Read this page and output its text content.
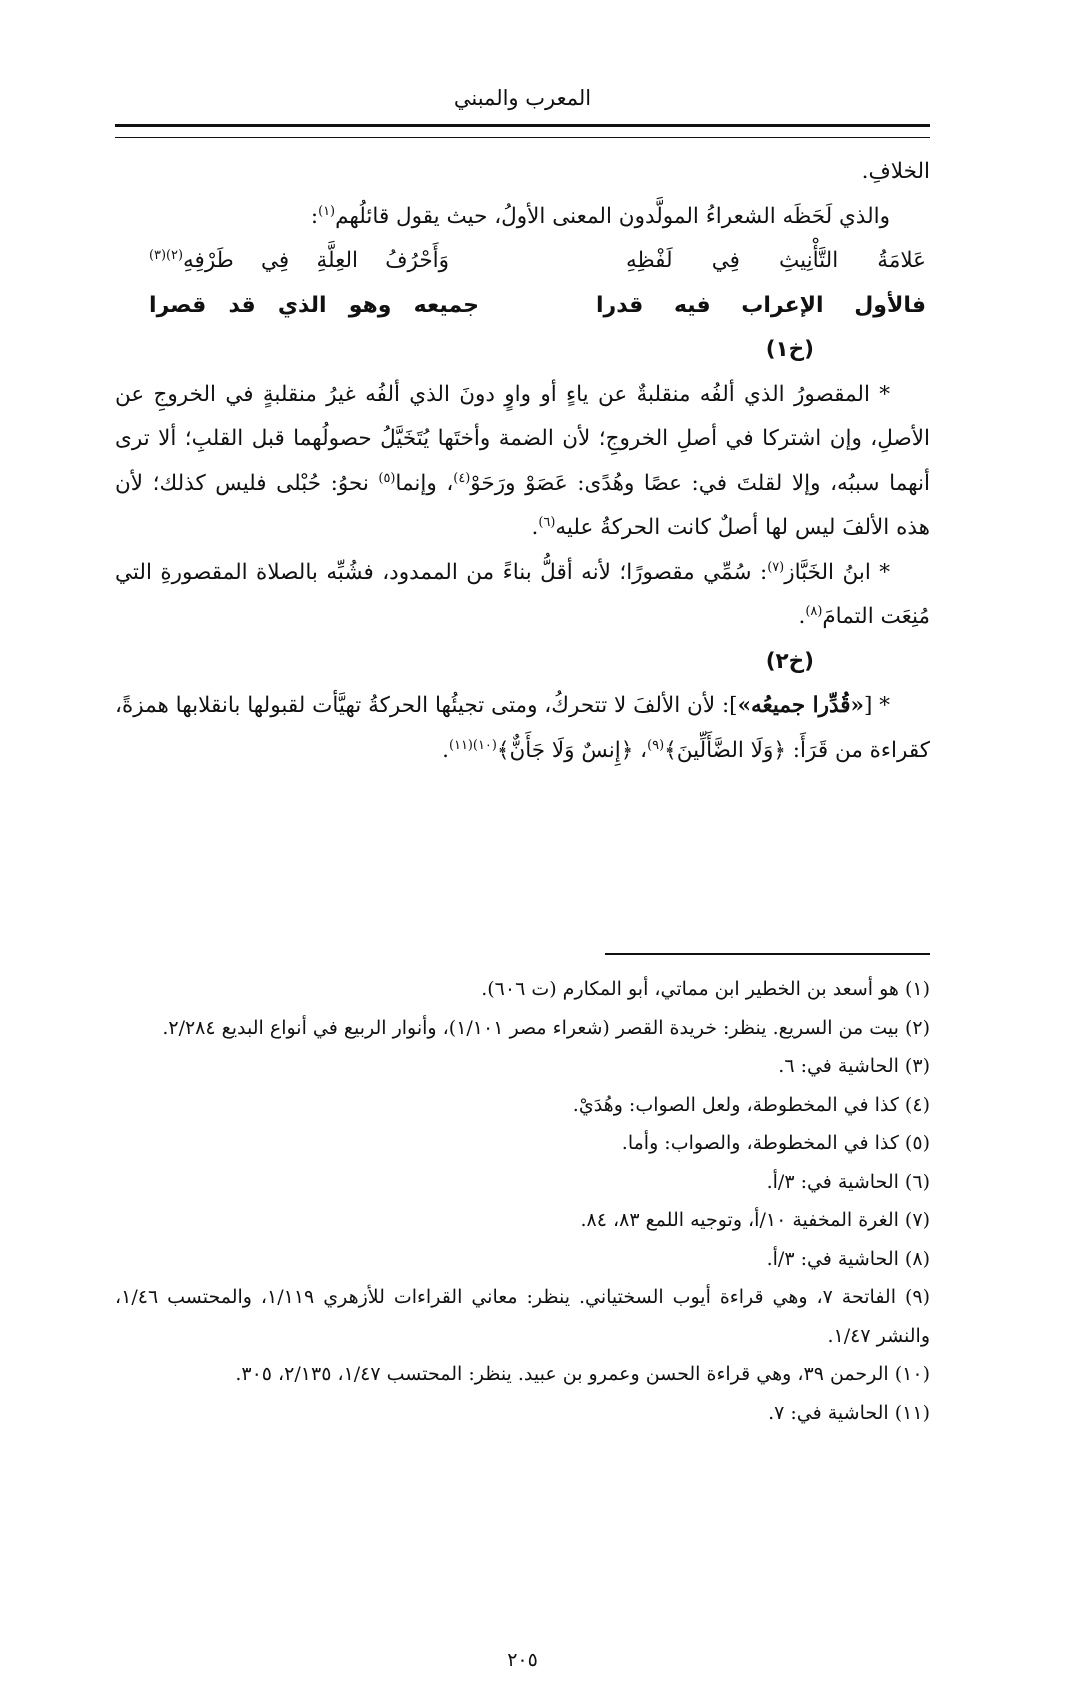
المعرب والمبني

الخلافِ.

والذي لَحَظَه الشعراءُ المولَّدون المعنى الأولُ، حيث يقول قائلُهم$^{(١)}$:

عَلامَةُ
التَّأْنِيثِ
فِي
لَفْظِهِ
وَأَحْرُفُ
العِلَّةِ
فِي
طَرْفِهِ$^{(٢)(٣)}$
فالأول
الإعراب
فيه
قدرا
جميعه
وهو
الذي
قد
قصرا

(خ١)

* المقصورُ الذي ألفُه منقلبةٌ عن ياءٍ أو واوٍ دونَ الذي ألفُه غيرُ منقلبةٍ في الخروجِ عن الأصلِ، وإن اشتركا في أصلِ الخروجِ؛ لأن الضمة وأختَها يُتَخَيَّلُ حصولُهما قبل القلبِ؛ ألا ترى أنهما سببُه، وإلا لقلتَ في: عصًا وهُدًى: عَصَوْ ورَحَوْ$^{(٤)}$، وإنما$^{(٥)}$ نحوُ: حُبْلى فليس كذلك؛ لأن هذه الألفَ ليس لها أصلٌ كانت الحركةُ عليه$^{(٦)}$.

* ابنُ الخَبَّاز$^{(٧)}$: سُمِّي مقصورًا؛ لأنه أقلُّ بناءً من الممدود، فشُبِّه بالصلاة المقصورةِ التي مُنِعَت التمامَ$^{(٨)}$.

(خ٢)

* [«قُدِّرا جميعُه»]: لأن الألفَ لا تتحركُ، ومتى تجيئُها الحركةُ تهيَّأت لقبولها بانقلابها همزةً، كقراءة من قَرَأَ: ﴿وَلَا الضَّأَلِّينَ﴾$^{(٩)}$، ﴿إِنسٌ وَلَا جَأَنٌّ﴾$^{(١٠)(١١)}$.

(١) هو أسعد بن الخطير ابن مماتي، أبو المكارم (ت ٦٠٦).

(٢) بيت من السريع. ينظر: خريدة القصر (شعراء مصر ١/١٠١)، وأنوار الربيع في أنواع البديع ٢/٢٨٤.

(٣) الحاشية في: ٦.

(٤) كذا في المخطوطة، ولعل الصواب: وهُدَيْ.

(٥) كذا في المخطوطة، والصواب: وأما.

(٦) الحاشية في: ٣/أ.

(٧) الغرة المخفية ١٠/أ، وتوجيه اللمع ٨٣، ٨٤.

(٨) الحاشية في: ٣/أ.

(٩) الفاتحة ٧، وهي قراءة أيوب السختياني. ينظر: معاني القراءات للأزهري ١/١١٩، والمحتسب ١/٤٦، والنشر ١/٤٧.

(١٠) الرحمن ٣٩، وهي قراءة الحسن وعمرو بن عبيد. ينظر: المحتسب ١/٤٧، ٢/١٣٥، ٣٠٥.

(١١) الحاشية في: ٧.

٢٠٥
